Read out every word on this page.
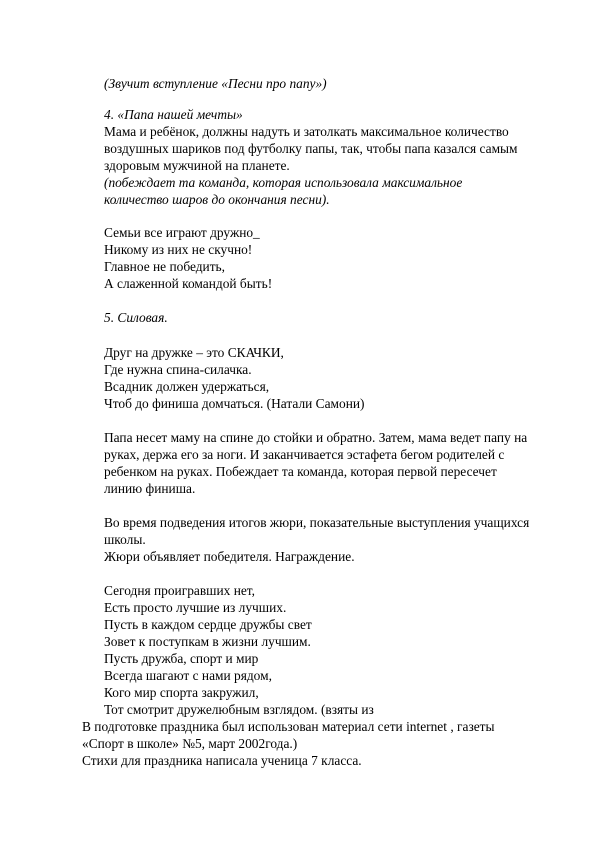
(Звучит вступление «Песни про папу»)
4. «Папа нашей мечты»
Мама и ребёнок, должны надуть и затолкать максимальное количество
воздушных шариков под футболку папы, так, чтобы папа казался самым
здоровым мужчиной на планете.
(побеждает та команда, которая использовала максимальное
количество шаров до окончания песни).
Семьи все играют дружно_
Никому из них не скучно!
Главное не победить,
А слаженной командой быть!
5. Силовая.
Друг на дружке – это СКАЧКИ,
Где нужна спина-силачка.
Всадник должен удержаться,
Чтоб до финиша домчаться. (Натали Самони)
Папа несет маму на спине до стойки и обратно. Затем, мама ведет папу на
руках, держа его за ноги. И заканчивается эстафета бегом родителей с
ребенком на руках. Побеждает та команда, которая первой пересечет
линию финиша.
Во время подведения итогов жюри, показательные выступления учащихся
школы.
Жюри объявляет победителя. Награждение.
Сегодня проигравших нет,
Есть просто лучшие из лучших.
Пусть в каждом сердце дружбы свет
Зовет к поступкам в жизни лучшим.
Пусть дружба, спорт и мир
Всегда шагают с нами рядом,
Кого мир спорта закружил,
Тот смотрит дружелюбным взглядом. (взяты из
В подготовке праздника был использован материал сети internet , газеты
«Спорт в школе» №5, март 2002года.)
Стихи для праздника написала ученица 7 класса.
